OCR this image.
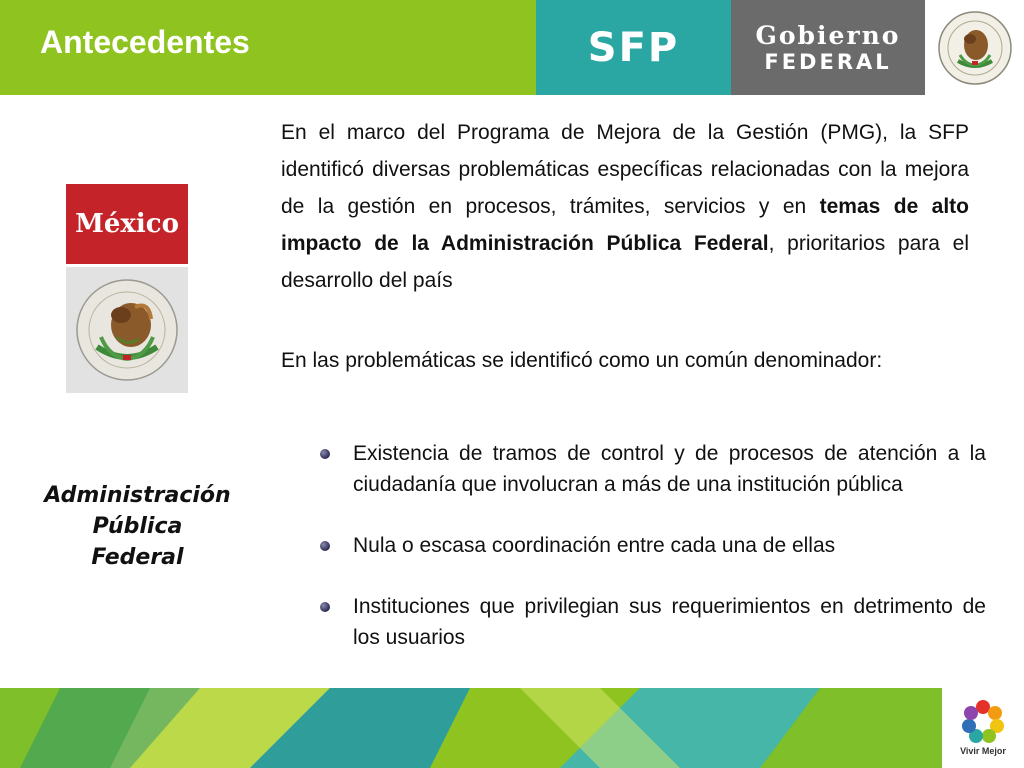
Antecedentes	SFP	Gobierno
FEDERAL
México
Administración
Pública
Federal

En el marco del Programa de Mejora de la Gestión (PMG), la SFP identificó diversas problemáticas específicas relacionadas con la mejora de la gestión en procesos, trámites, servicios y en temas de alto impacto de la Administración Pública Federal, prioritarios para el desarrollo del país

En las problemáticas se identificó como un común denominador:

Existencia de tramos de control y de procesos de atención a la ciudadanía que involucran a más de una institución pública
Nula o escasa coordinación entre cada una de ellas
Instituciones que privilegian sus requerimientos en detrimento de los usuarios
Vivir Mejor
